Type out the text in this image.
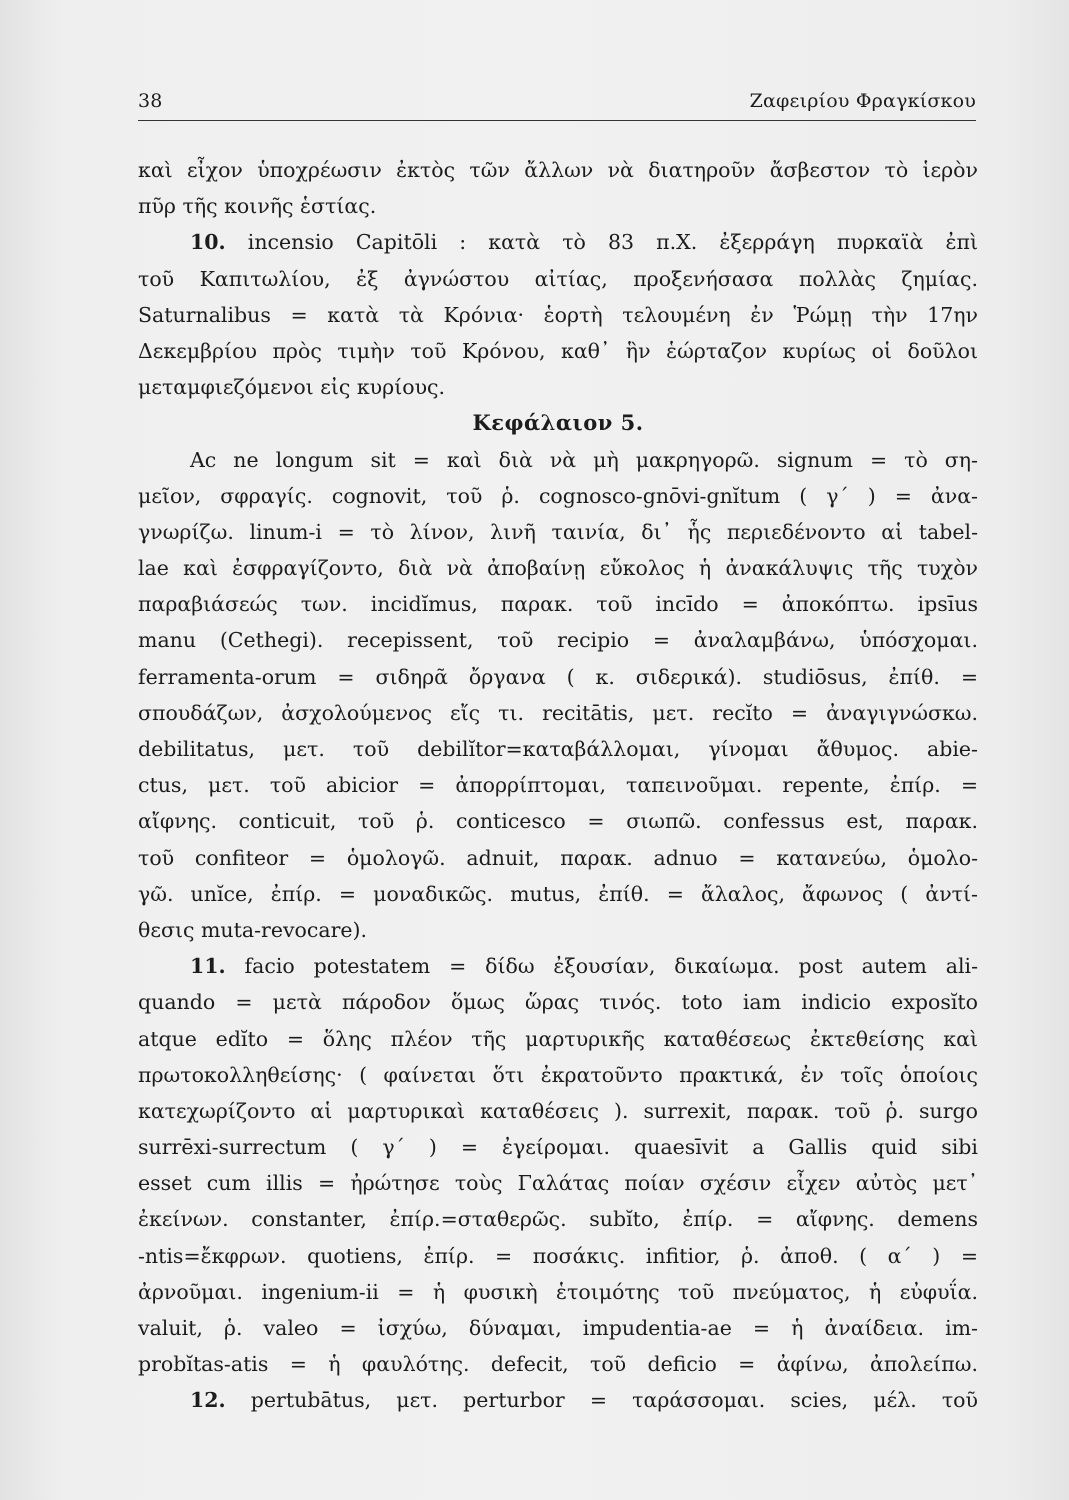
38	Ζαφειρίου Φραγκίσκου
καὶ εἶχον ὑποχρέωσιν ἐκτὸς τῶν ἄλλων νὰ διατηροῦν ἄσβεστον τὸ ἱερὸν
πῦρ τῆς κοινῆς ἑστίας.
10. incensio Capitōli : κατὰ τὸ 83 π.Χ. ἐξερράγη πυρκαϊὰ ἐπὶ
τοῦ Καπιτωλίου, ἐξ ἀγνώστου αἰτίας, προξενήσασα πολλὰς ζημίας.
Saturnalibus = κατὰ τὰ Κρόνια· ἑορτὴ τελουμένη ἐν Ῥώμῃ τὴν 17ην
Δεκεμβρίου πρὸς τιμὴν τοῦ Κρόνου, καθ᾽ ἣν ἑώρταζον κυρίως οἱ δοῦλοι
μεταμφιεζόμενοι εἰς κυρίους.
Κεφάλαιον 5.
Ac ne longum sit = καὶ διὰ νὰ μὴ μακρηγορῶ. signum = τὸ ση-
μεῖον, σφραγίς. cognovit, τοῦ ῥ. cognosco-gnōvi-gnĭtum ( γ΄ ) = ἀνα-
γνωρίζω. linum-i = τὸ λίνον, λινῆ ταινία, δι᾽ ἧς περιεδένοντο αἱ tabel-
lae καὶ ἐσφραγίζοντο, διὰ νὰ ἀποβαίνῃ εὔκολος ἡ ἀνακάλυψις τῆς τυχὸν
παραβιάσεώς των. incidĭmus, παρακ. τοῦ incīdo = ἀποκόπτω. ipsīus
manu (Cethegi). recepissent, τοῦ recipio = ἀναλαμβάνω, ὑπόσχομαι.
ferramenta-orum = σιδηρᾶ ὄργανα ( κ. σιδερικά). studiōsus, ἐπίθ. =
σπουδάζων, ἀσχολούμενος εἴς τι. recitātis, μετ. recĭto = ἀναγιγνώσκω.
debilitatus, μετ. τοῦ debilĭtor=καταβάλλομαι, γίνομαι ἄθυμος. abie-
ctus, μετ. τοῦ abicior = ἀπορρίπτομαι, ταπεινοῦμαι. repente, ἐπίρ. =
αἴφνης. conticuit, τοῦ ῥ. conticesco = σιωπῶ. confessus est, παρακ.
τοῦ confiteor = ὁμολογῶ. adnuit, παρακ. adnuo = κατανεύω, ὁμολο-
γῶ. unĭce, ἐπίρ. = μοναδικῶς. mutus, ἐπίθ. = ἄλαλος, ἄφωνος ( ἀντί-
θεσις muta-revocare).
11. facio potestatem = δίδω ἐξουσίαν, δικαίωμα. post autem ali-
quando = μετὰ πάροδον ὅμως ὥρας τινός. toto iam indicio exposĭto
atque edĭto = ὅλης πλέον τῆς μαρτυρικῆς καταθέσεως ἐκτεθείσης καὶ
πρωτοκολληθείσης· ( φαίνεται ὅτι ἐκρατοῦντο πρακτικά, ἐν τοῖς ὁποίοις
κατεχωρίζοντο αἱ μαρτυρικαὶ καταθέσεις ). surrexit, παρακ. τοῦ ῥ. surgo
surrēxi-surrectum ( γ΄ ) = ἐγείρομαι. quaesīvit a Gallis quid sibi
esset cum illis = ἠρώτησε τοὺς Γαλάτας ποίαν σχέσιν εἶχεν αὐτὸς μετ᾽
ἐκείνων. constanter, ἐπίρ.=σταθερῶς. subĭto, ἐπίρ. = αἴφνης. demens
-ntis=ἔκφρων. quotiens, ἐπίρ. = ποσάκις. infitior, ῥ. ἀποθ. ( α΄ ) =
ἀρνοῦμαι. ingenium-ii = ἡ φυσικὴ ἑτοιμότης τοῦ πνεύματος, ἡ εὐφυΐα.
valuit, ῥ. valeo = ἰσχύω, δύναμαι, impudentia-ae = ἡ ἀναίδεια. im-
probĭtas-atis = ἡ φαυλότης. defecit, τοῦ deficio = ἀφίνω, ἀπολείπω.
12. pertubātus, μετ. perturbor = ταράσσομαι. scies, μέλ. τοῦ
